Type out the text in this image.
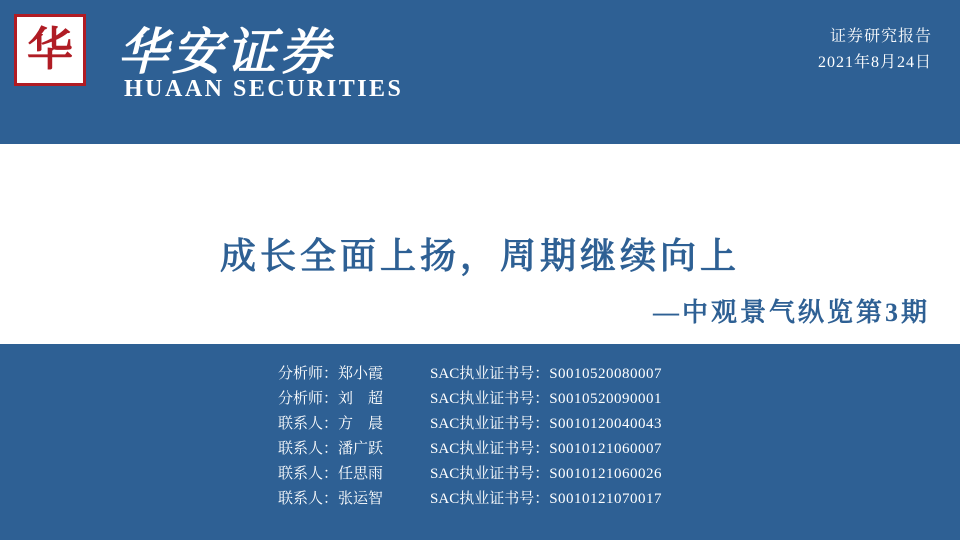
华 华安证券
HUAAN SECURITIES
证券研究报告
2021年8月24日
成长全面上扬，周期继续向上
—中观景气纵览第3期
分析师：	郑小霞	SAC执业证书号：	S0010520080007
分析师：	刘　超	SAC执业证书号：	S0010520090001
联系人：	方　晨	SAC执业证书号：	S0010120040043
联系人：	潘广跃	SAC执业证书号：	S0010121060007
联系人：	任思雨	SAC执业证书号：	S0010121060026
联系人：	张运智	SAC执业证书号：	S0010121070017
